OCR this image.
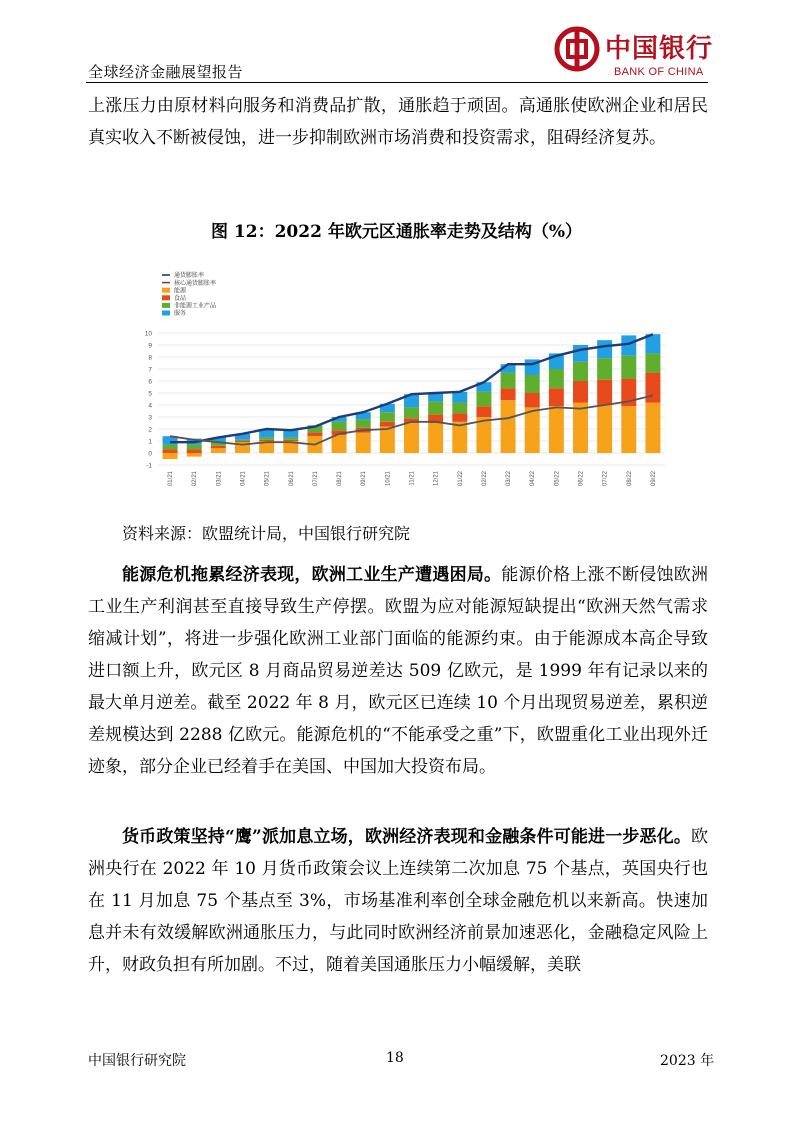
全球经济金融展望报告
中国银行
BANK OF CHINA
上涨压力由原材料向服务和消费品扩散，通胀趋于顽固。高通胀使欧洲企业和居民真实收入不断被侵蚀，进一步抑制欧洲市场消费和投资需求，阻碍经济复苏。
图 12：2022 年欧元区通胀率走势及结构（%）
-1
0
1
2
3
4
5
6
7
8
9
10
01/21	02/21	03/21	04/21	05/21	06/21	07/21	08/21	09/21	10/21	11/21	12/21	01/22	02/22	03/22	04/22	05/22	06/22	07/22	08/22	09/22
通货膨胀率
核心通货膨胀率
能源
食品
非能源工业产品
服务
资料来源：欧盟统计局，中国银行研究院
能源危机拖累经济表现，欧洲工业生产遭遇困局。能源价格上涨不断侵蚀欧洲工业生产利润甚至直接导致生产停摆。欧盟为应对能源短缺提出“欧洲天然气需求缩减计划”，将进一步强化欧洲工业部门面临的能源约束。由于能源成本高企导致进口额上升，欧元区 8 月商品贸易逆差达 509 亿欧元，是 1999 年有记录以来的最大单月逆差。截至 2022 年 8 月，欧元区已连续 10 个月出现贸易逆差，累积逆差规模达到 2288 亿欧元。能源危机的“不能承受之重”下，欧盟重化工业出现外迁迹象，部分企业已经着手在美国、中国加大投资布局。
货币政策坚持“鹰”派加息立场，欧洲经济表现和金融条件可能进一步恶化。欧洲央行在 2022 年 10 月货币政策会议上连续第二次加息 75 个基点，英国央行也在 11 月加息 75 个基点至 3%，市场基准利率创全球金融危机以来新高。快速加息并未有效缓解欧洲通胀压力，与此同时欧洲经济前景加速恶化，金融稳定风险上升，财政负担有所加剧。不过，随着美国通胀压力小幅缓解，美联
中国银行研究院	18	2023 年
